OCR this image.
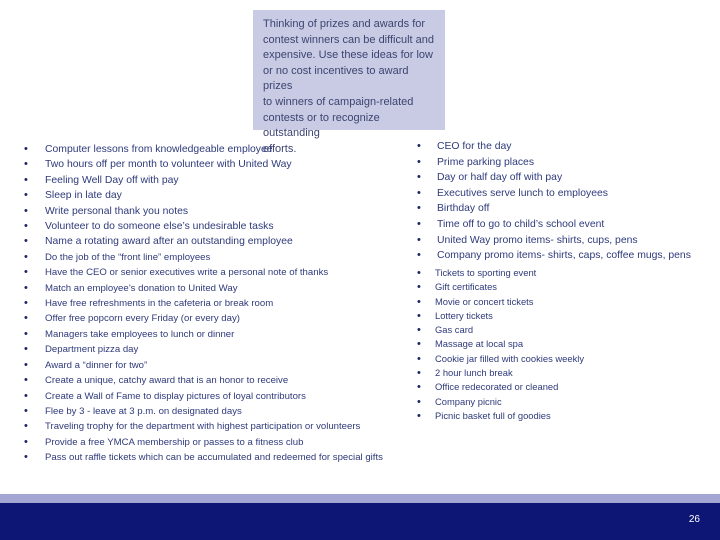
Thinking of prizes and awards for
contest winners can be difficult and
expensive. Use these ideas for low
or no cost incentives to award prizes
to winners of campaign-related
contests or to recognize outstanding
efforts.
• Computer lessons from knowledgeable employee
• Two hours off per month to volunteer with United Way
• Feeling Well Day off with pay
• Sleep in late day
• Write personal thank you notes
• Volunteer to do someone else’s undesirable tasks
• Name a rotating award after an outstanding employee
• Do the job of the “front line” employees
• Have the CEO or senior executives write a personal note of thanks
• Match an employee’s donation to United Way
• Have free refreshments in the cafeteria or break room
• Offer free popcorn every Friday (or every day)
• Managers take employees to lunch or dinner
• Department pizza day
• Award a “dinner for two”
• Create a unique, catchy award that is an honor to receive
• Create a Wall of Fame to display pictures of loyal contributors
• Flee by 3 - leave at 3 p.m. on designated days
• Traveling trophy for the department with highest participation or volunteers
• Provide a free YMCA membership or passes to a fitness club
• Pass out raffle tickets which can be accumulated and redeemed for special gifts
• CEO for the day
• Prime parking places
• Day or half day off with pay
• Executives serve lunch to employees
• Birthday off
• Time off to go to child’s school event
• United Way promo items- shirts, cups, pens
• Company promo items- shirts, caps, coffee mugs, pens
• Tickets to sporting event
• Gift certificates
• Movie or concert tickets
• Lottery tickets
• Gas card
• Massage at local spa
• Cookie jar filled with cookies weekly
• 2 hour lunch break
• Office redecorated or cleaned
• Company picnic
• Picnic basket full of goodies
26
